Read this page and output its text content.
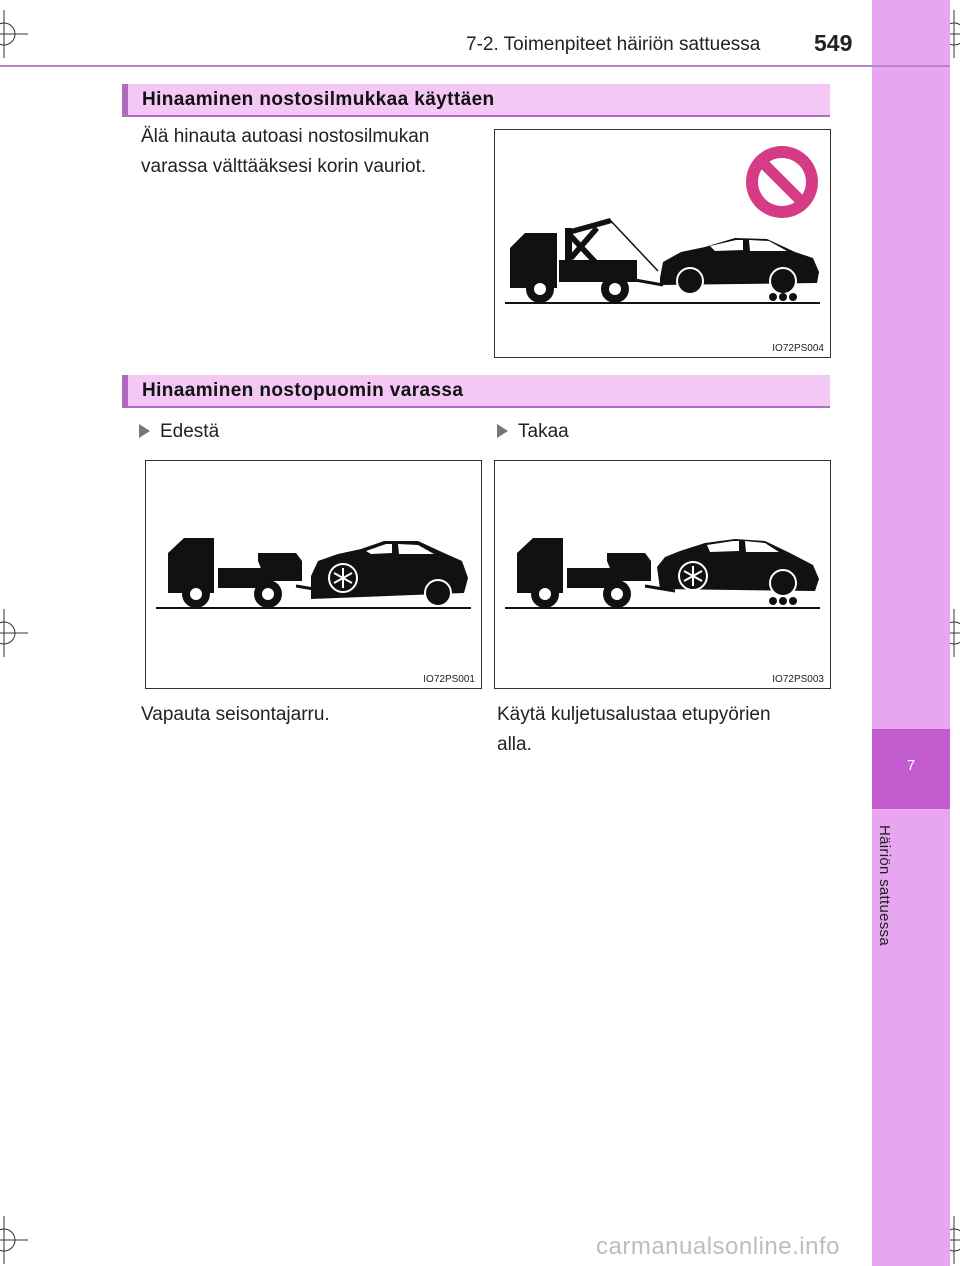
7
Häiriön sattuessa
7-2. Toimenpiteet häiriön sattuessa 549
Hinaaminen nostosilmukkaa käyttäen
Älä hinauta autoasi nostosilmukan
varassa välttääksesi korin vauriot.
IO72PS004
Hinaaminen nostopuomin varassa
Edestä	Takaa
IO72PS001	IO72PS003
Vapauta seisontajarru.	Käytä kuljetusalustaa etupyörien
alla.
carmanualsonline.info
